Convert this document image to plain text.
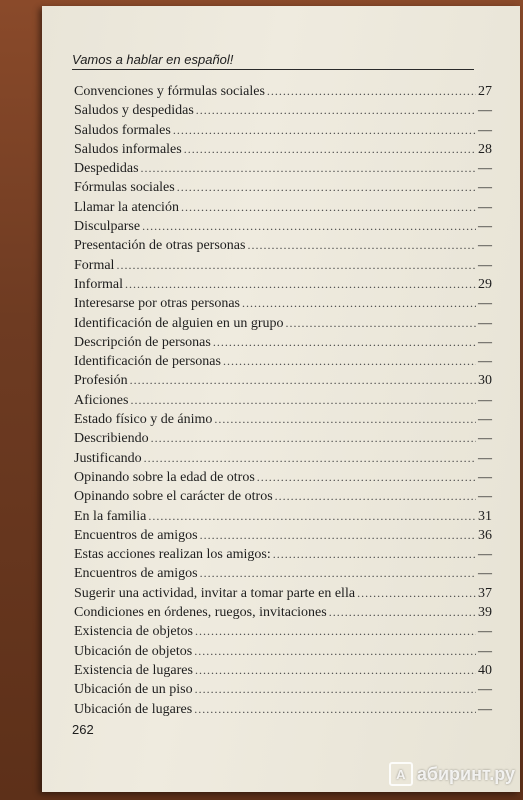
Vamos a hablar en español!
Convenciones y fórmulas sociales .....	27
Saludos y despedidas .....	—
Saludos formales .....	—
Saludos informales .....	28
Despedidas .....	—
Fórmulas sociales .....	—
Llamar la atención .....	—
Disculparse .....	—
Presentación de otras personas .....	—
Formal .....	—
Informal .....	29
Interesarse por otras personas .....	—
Identificación de alguien en un grupo .....	—
Descripción de personas .....	—
Identificación de personas .....	—
Profesión .....	30
Aficiones .....	—
Estado físico y de ánimo .....	—
Describiendo .....	—
Justificando .....	—
Opinando sobre la edad de otros .....	—
Opinando sobre el carácter de otros .....	—
En la familia .....	31
Encuentros de amigos .....	36
Estas acciones realizan los amigos: .....	—
Encuentros de amigos .....	—
Sugerir una actividad, invitar a tomar parte en ella .....	37
Condiciones en órdenes, ruegos, invitaciones .....	39
Existencia de objetos .....	—
Ubicación de objetos .....	—
Existencia de lugares .....	40
Ubicación de un piso .....	—
Ubicación de lugares .....	—
262
А абиринт.ру
